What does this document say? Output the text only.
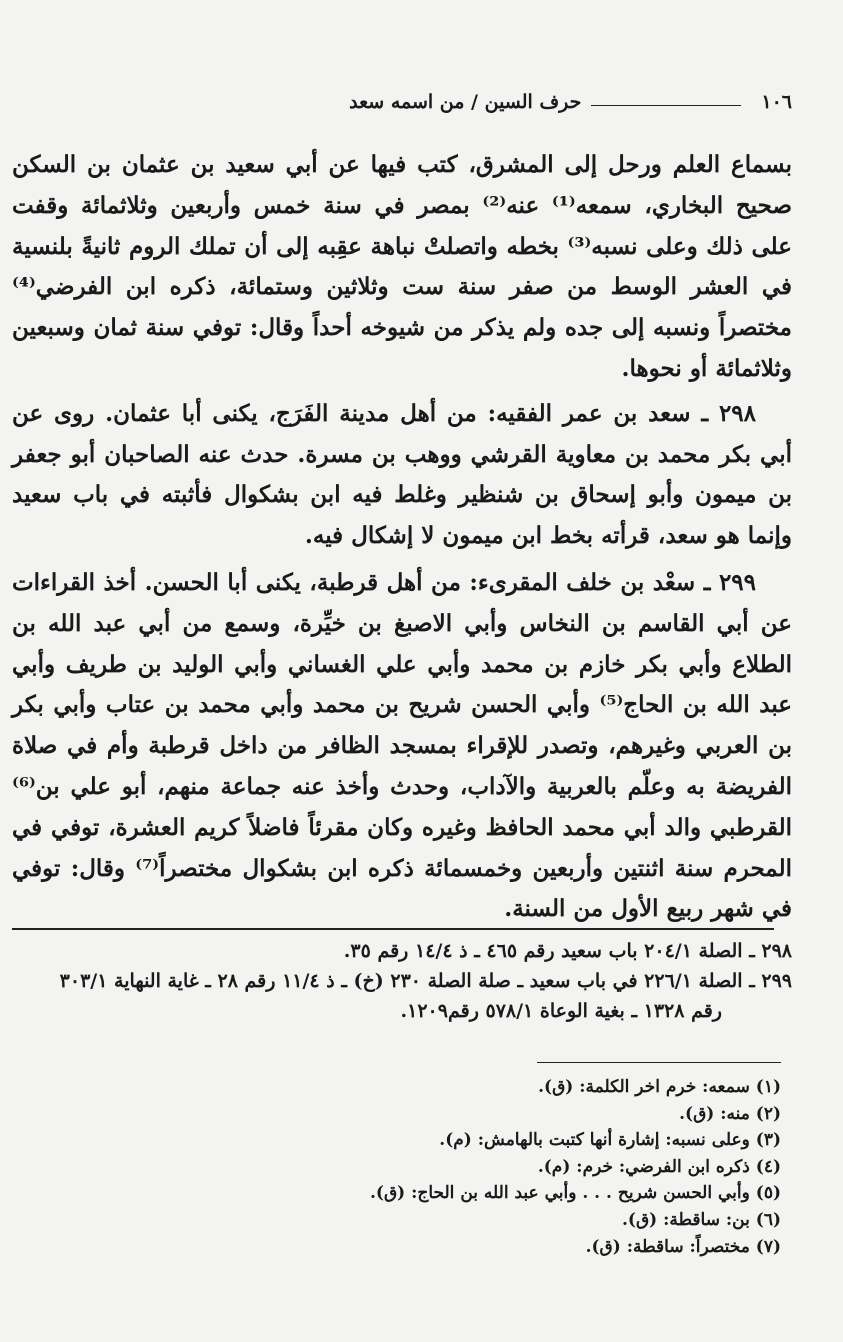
١٠٦
حرف السين / من اسمه سعد

بسماع العلم ورحل إلى المشرق، كتب فيها عن أبي سعيد بن عثمان بن السكن صحيح البخاري، سمعه⁽¹⁾ عنه⁽²⁾ بمصر في سنة خمس وأربعين وثلاثمائة وقفت على ذلك وعلى نسبه⁽³⁾ بخطه واتصلتْ نباهة عقِبه إلى أن تملك الروم ثانيةً بلنسية في العشر الوسط من صفر سنة ست وثلاثين وستمائة، ذكره ابن الفرضي⁽⁴⁾ مختصراً ونسبه إلى جده ولم يذكر من شيوخه أحداً وقال: توفي سنة ثمان وسبعين وثلاثمائة أو نحوها.

٢٩٨ ـ سعد بن عمر الفقيه: من أهل مدينة الفَرَج، يكنى أبا عثمان. روى عن أبي بكر محمد بن معاوية القرشي ووهب بن مسرة. حدث عنه الصاحبان أبو جعفر بن ميمون وأبو إسحاق بن شنظير وغلط فيه ابن بشكوال فأثبته في باب سعيد وإنما هو سعد، قرأته بخط ابن ميمون لا إشكال فيه.

٢٩٩ ـ سعْد بن خلف المقرىء: من أهل قرطبة، يكنى أبا الحسن. أخذ القراءات عن أبي القاسم بن النخاس وأبي الاصبغ بن خيِّرة، وسمع من أبي عبد الله بن الطلاع وأبي بكر خازم بن محمد وأبي علي الغساني وأبي الوليد بن طريف وأبي عبد الله بن الحاج⁽⁵⁾ وأبي الحسن شريح بن محمد وأبي محمد بن عتاب وأبي بكر بن العربي وغيرهم، وتصدر للإقراء بمسجد الظافر من داخل قرطبة وأم في صلاة الفريضة به وعلّم بالعربية والآداب، وحدث وأخذ عنه جماعة منهم، أبو علي بن⁽⁶⁾ القرطبي والد أبي محمد الحافظ وغيره وكان مقرئاً فاضلاً كريم العشرة، توفي في المحرم سنة اثنتين وأربعين وخمسمائة ذكره ابن بشكوال مختصراً⁽⁷⁾ وقال: توفي في شهر ربيع الأول من السنة.

٢٩٨ ـ الصلة ٢٠٤/١ باب سعيد رقم ٤٦٥ ـ ذ ١٤/٤ رقم ٣٥.

٢٩٩ ـ الصلة ٢٢٦/١ في باب سعيد ـ صلة الصلة ٢٣٠ (خ) ـ ذ ١١/٤ رقم ٢٨ ـ غاية النهاية ٣٠٣/١

رقم ١٣٢٨ ـ بغية الوعاة ٥٧٨/١ رقم١٢٠٩.

(١) سمعه: خرم اخر الكلمة: (ق).

(٢) منه: (ق).

(٣) وعلى نسبه: إشارة أنها كتبت بالهامش: (م).

(٤) ذكره ابن الفرضي: خرم: (م).

(٥) وأبي الحسن شريح . . . وأبي عبد الله بن الحاج: (ق).

(٦) بن: ساقطة: (ق).

(٧) مختصراً: ساقطة: (ق).
